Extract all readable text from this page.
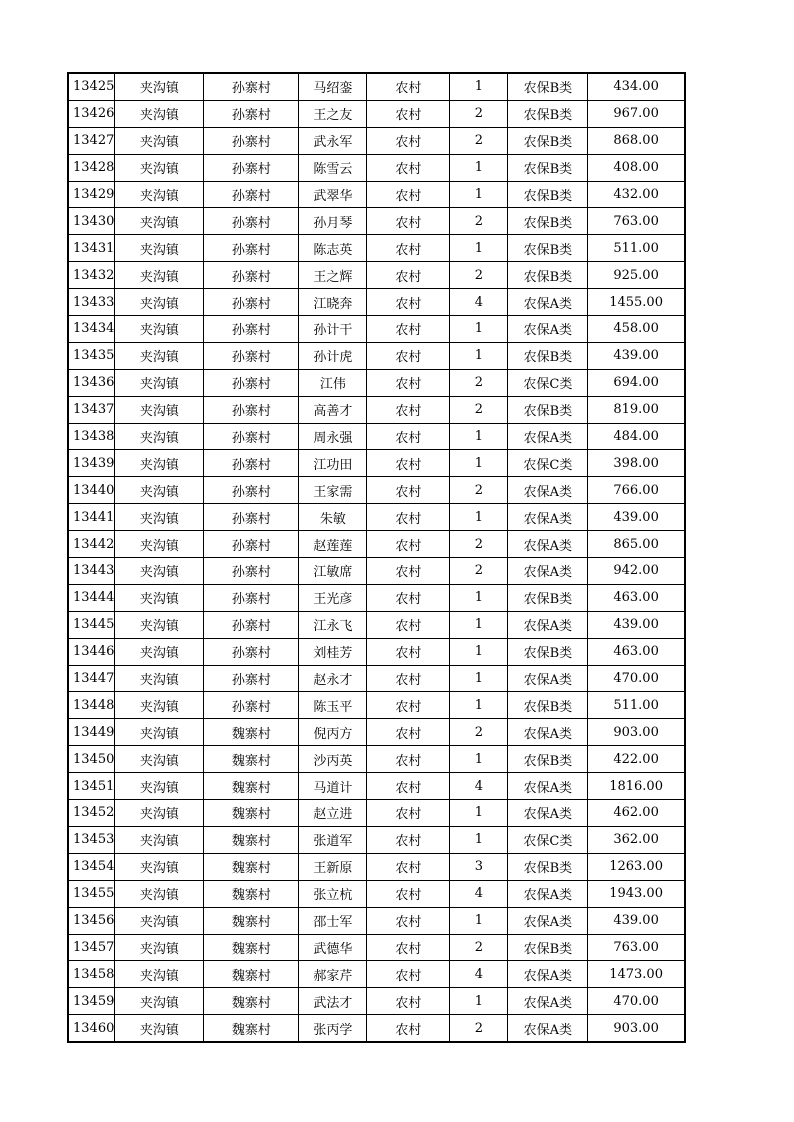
13425	夹沟镇	孙寨村	马绍銮	农村	1	农保B类	434.00
13426	夹沟镇	孙寨村	王之友	农村	2	农保B类	967.00
13427	夹沟镇	孙寨村	武永军	农村	2	农保B类	868.00
13428	夹沟镇	孙寨村	陈雪云	农村	1	农保B类	408.00
13429	夹沟镇	孙寨村	武翠华	农村	1	农保B类	432.00
13430	夹沟镇	孙寨村	孙月琴	农村	2	农保B类	763.00
13431	夹沟镇	孙寨村	陈志英	农村	1	农保B类	511.00
13432	夹沟镇	孙寨村	王之辉	农村	2	农保B类	925.00
13433	夹沟镇	孙寨村	江晓奔	农村	4	农保A类	1455.00
13434	夹沟镇	孙寨村	孙计干	农村	1	农保A类	458.00
13435	夹沟镇	孙寨村	孙计虎	农村	1	农保B类	439.00
13436	夹沟镇	孙寨村	江伟	农村	2	农保C类	694.00
13437	夹沟镇	孙寨村	高善才	农村	2	农保B类	819.00
13438	夹沟镇	孙寨村	周永强	农村	1	农保A类	484.00
13439	夹沟镇	孙寨村	江功田	农村	1	农保C类	398.00
13440	夹沟镇	孙寨村	王家需	农村	2	农保A类	766.00
13441	夹沟镇	孙寨村	朱敏	农村	1	农保A类	439.00
13442	夹沟镇	孙寨村	赵莲莲	农村	2	农保A类	865.00
13443	夹沟镇	孙寨村	江敏席	农村	2	农保A类	942.00
13444	夹沟镇	孙寨村	王光彦	农村	1	农保B类	463.00
13445	夹沟镇	孙寨村	江永飞	农村	1	农保A类	439.00
13446	夹沟镇	孙寨村	刘桂芳	农村	1	农保B类	463.00
13447	夹沟镇	孙寨村	赵永才	农村	1	农保A类	470.00
13448	夹沟镇	孙寨村	陈玉平	农村	1	农保B类	511.00
13449	夹沟镇	魏寨村	倪丙方	农村	2	农保A类	903.00
13450	夹沟镇	魏寨村	沙丙英	农村	1	农保B类	422.00
13451	夹沟镇	魏寨村	马道计	农村	4	农保A类	1816.00
13452	夹沟镇	魏寨村	赵立进	农村	1	农保A类	462.00
13453	夹沟镇	魏寨村	张道军	农村	1	农保C类	362.00
13454	夹沟镇	魏寨村	王新原	农村	3	农保B类	1263.00
13455	夹沟镇	魏寨村	张立杭	农村	4	农保A类	1943.00
13456	夹沟镇	魏寨村	邵士军	农村	1	农保A类	439.00
13457	夹沟镇	魏寨村	武德华	农村	2	农保B类	763.00
13458	夹沟镇	魏寨村	郝家芹	农村	4	农保A类	1473.00
13459	夹沟镇	魏寨村	武法才	农村	1	农保A类	470.00
13460	夹沟镇	魏寨村	张丙学	农村	2	农保A类	903.00
